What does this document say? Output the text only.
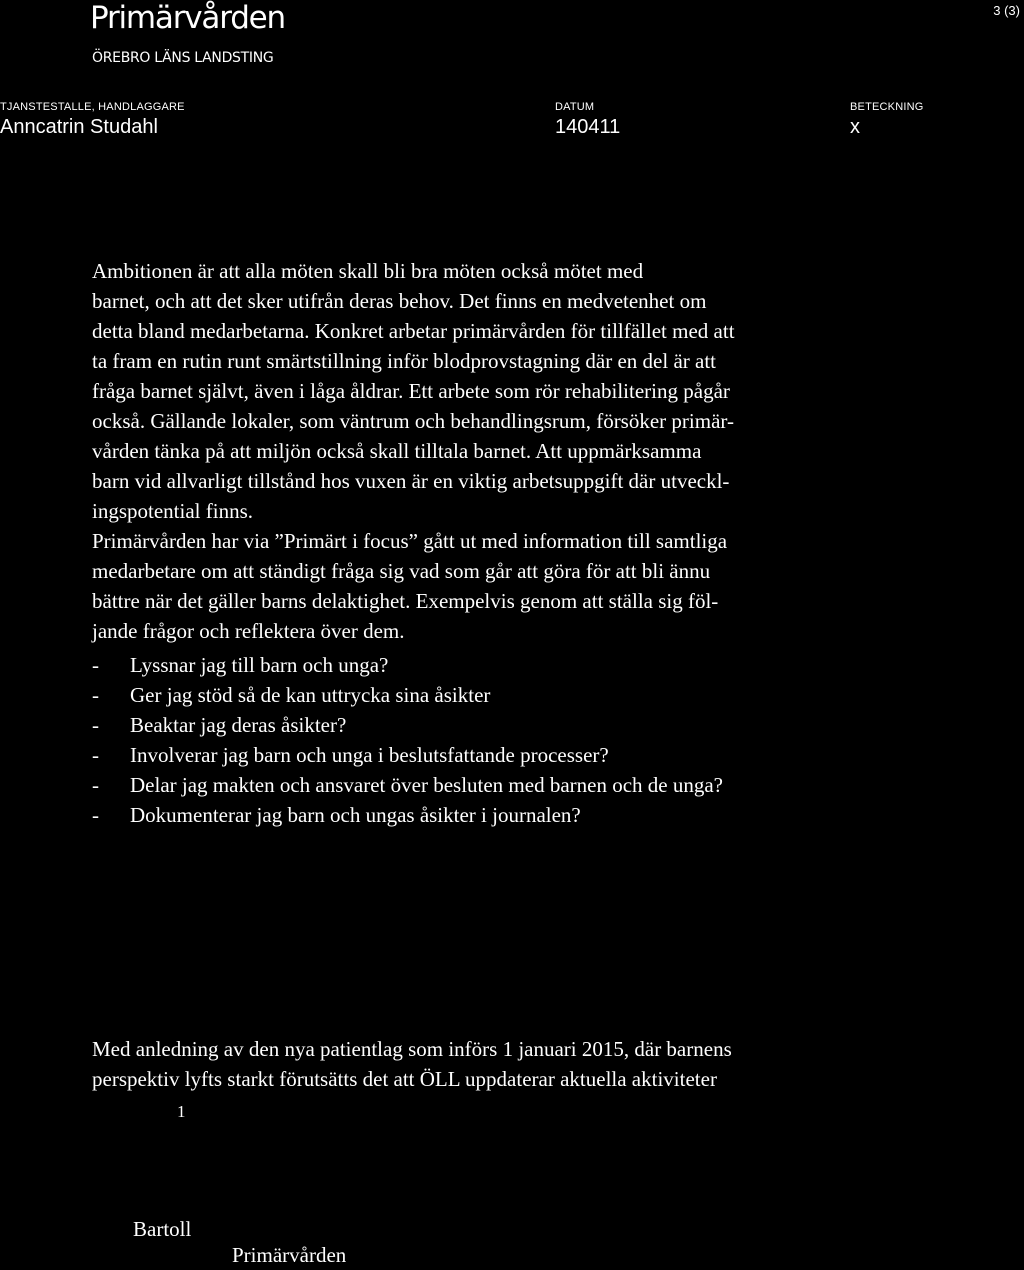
Primärvården
ÖREBRO LÄNS LANDSTING
3 (3)
TJANSTESTALLE, HANDLAGGARE
Anncatrin Studahl
DATUM
140411
BETECKNING
x
Ambitionen är att alla möten skall bli bra möten också mötet med
barnet, och att det sker utifrån deras behov. Det finns en medvetenhet om
detta bland medarbetarna. Konkret arbetar primärvården för tillfället med att
ta fram en rutin runt smärtstillning inför blodprovstagning där en del är att
fråga barnet självt, även i låga åldrar. Ett arbete som rör rehabilitering pågår
också. Gällande lokaler, som väntrum och behandlingsrum, försöker primär-
vården tänka på att miljön också skall tilltala barnet. Att uppmärksamma
barn vid allvarligt tillstånd hos vuxen är en viktig arbetsuppgift där utveckl-
ingspotential finns.
Primärvården har via ”Primärt i focus” gått ut med information till samtliga
medarbetare om att ständigt fråga sig vad som går att göra för att bli ännu
bättre när det gäller barns delaktighet. Exempelvis genom att ställa sig föl-
jande frågor och reflektera över dem.
- Lyssnar jag till barn och unga?
- Ger jag stöd så de kan uttrycka sina åsikter
- Beaktar jag deras åsikter?
- Involverar jag barn och unga i beslutsfattande processer?
- Delar jag makten och ansvaret över besluten med barnen och de unga?
- Dokumenterar jag barn och ungas åsikter i journalen?
Med anledning av den nya patientlag som införs 1 januari 2015, där barnens
perspektiv lyfts starkt förutsätts det att ÖLL uppdaterar aktuella aktiviteter
1
Bartoll
Primärvården
